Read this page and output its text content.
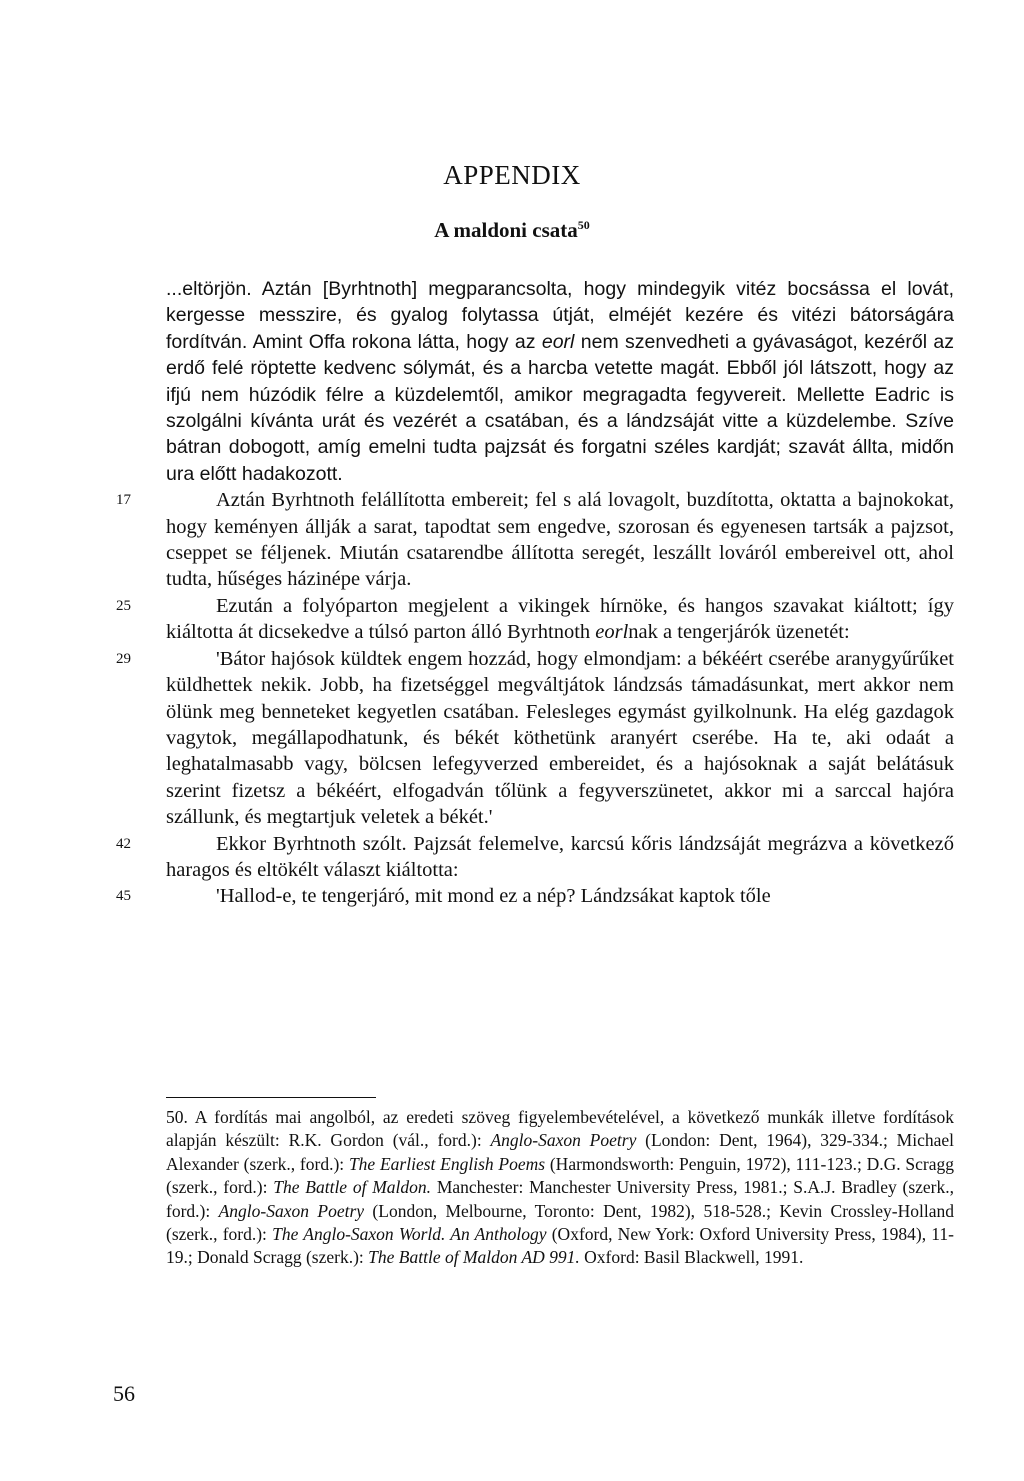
APPENDIX
A maldoni csata$^{50}$

...eltörjön. Aztán [Byrhtnoth] megparancsolta, hogy mindegyik vitéz bocsássa el lovát, kergesse messzire, és gyalog folytassa útját, elméjét kezére és vitézi bátorságára fordítván. Amint Offa rokona látta, hogy az eorl nem szenvedheti a gyávaságot, kezéről az erdő felé röptette kedvenc sólymát, és a harcba vetette magát. Ebből jól látszott, hogy az ifjú nem húzódik félre a küzdelemtől, amikor megragadta fegyvereit. Mellette Eadric is szolgálni kívánta urát és vezérét a csatában, és a lándzsáját vitte a küzdelembe. Szíve bátran dobogott, amíg emelni tudta pajzsát és forgatni széles kardját; szavát állta, midőn ura előtt hadakozott.

17	Aztán Byrhtnoth felállította embereit; fel s alá lovagolt, buzdította, oktatta a bajnokokat, hogy keményen állják a sarat, tapodtat sem engedve, szorosan és egyenesen tartsák a pajzsot, cseppet se féljenek. Miután csatarendbe állította seregét, leszállt lováról embereivel ott, ahol tudta, hűséges házinépe várja.

25	Ezután a folyóparton megjelent a vikingek hírnöke, és hangos szavakat kiáltott; így kiáltotta át dicsekedve a túlsó parton álló Byrhtnoth eorlnak a tengerjárók üzenetét:

29	'Bátor hajósok küldtek engem hozzád, hogy elmondjam: a békéért cserébe aranygyűrűket küldhettek nekik. Jobb, ha fizetséggel megváltjátok lándzsás támadásunkat, mert akkor nem ölünk meg benneteket kegyetlen csatában. Felesleges egymást gyilkolnunk. Ha elég gazdagok vagytok, megállapodhatunk, és békét köthetünk aranyért cserébe. Ha te, aki odaát a leghatalmasabb vagy, bölcsen lefegyverzed embereidet, és a hajósoknak a saját belátásuk szerint fizetsz a békéért, elfogadván tőlünk a fegyverszünetet, akkor mi a sarccal hajóra szállunk, és megtartjuk veletek a békét.'

42	Ekkor Byrhtnoth szólt. Pajzsát felemelve, karcsú kőris lándzsáját megrázva a következő haragos és eltökélt választ kiáltotta:

45	'Hallod-e, te tengerjáró, mit mond ez a nép? Lándzsákat kaptok tőle

50. A fordítás mai angolból, az eredeti szöveg figyelembevételével, a következő munkák illetve fordítások alapján készült: R.K. Gordon (vál., ford.): Anglo-Saxon Poetry (London: Dent, 1964), 329-334.; Michael Alexander (szerk., ford.): The Earliest English Poems (Harmondsworth: Penguin, 1972), 111-123.; D.G. Scragg (szerk., ford.): The Battle of Maldon. Manchester: Manchester University Press, 1981.; S.A.J. Bradley (szerk., ford.): Anglo-Saxon Poetry (London, Melbourne, Toronto: Dent, 1982), 518-528.; Kevin Crossley-Holland (szerk., ford.): The Anglo-Saxon World. An Anthology (Oxford, New York: Oxford University Press, 1984), 11-19.; Donald Scragg (szerk.): The Battle of Maldon AD 991. Oxford: Basil Blackwell, 1991.

56
